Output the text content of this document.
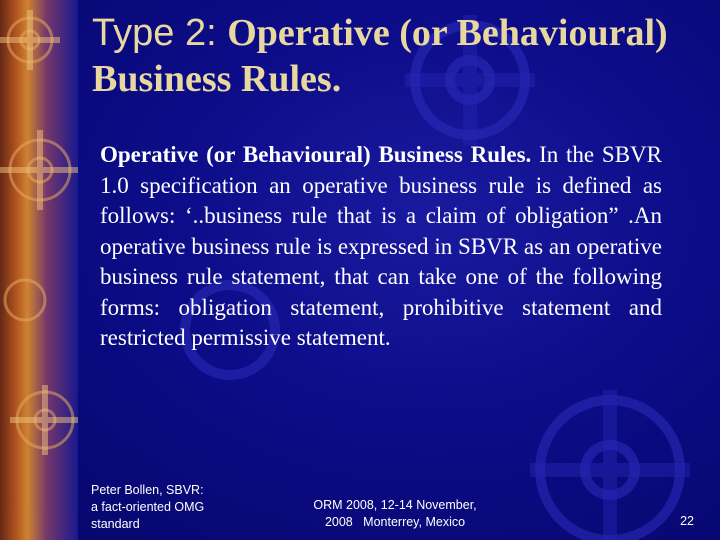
Type 2: Operative (or Behavioural) Business Rules.
Operative (or Behavioural) Business Rules. In the SBVR 1.0 specification an operative business rule is defined as follows: ‘..business rule that is a claim of obligation” .An operative business rule is expressed in SBVR as an operative business rule statement, that can take one of the following forms: obligation statement, prohibitive statement and restricted permissive statement.
Peter Bollen, SBVR:
a fact-oriented OMG
standard
ORM 2008, 12-14 November,
2008   Monterrey, Mexico	22
